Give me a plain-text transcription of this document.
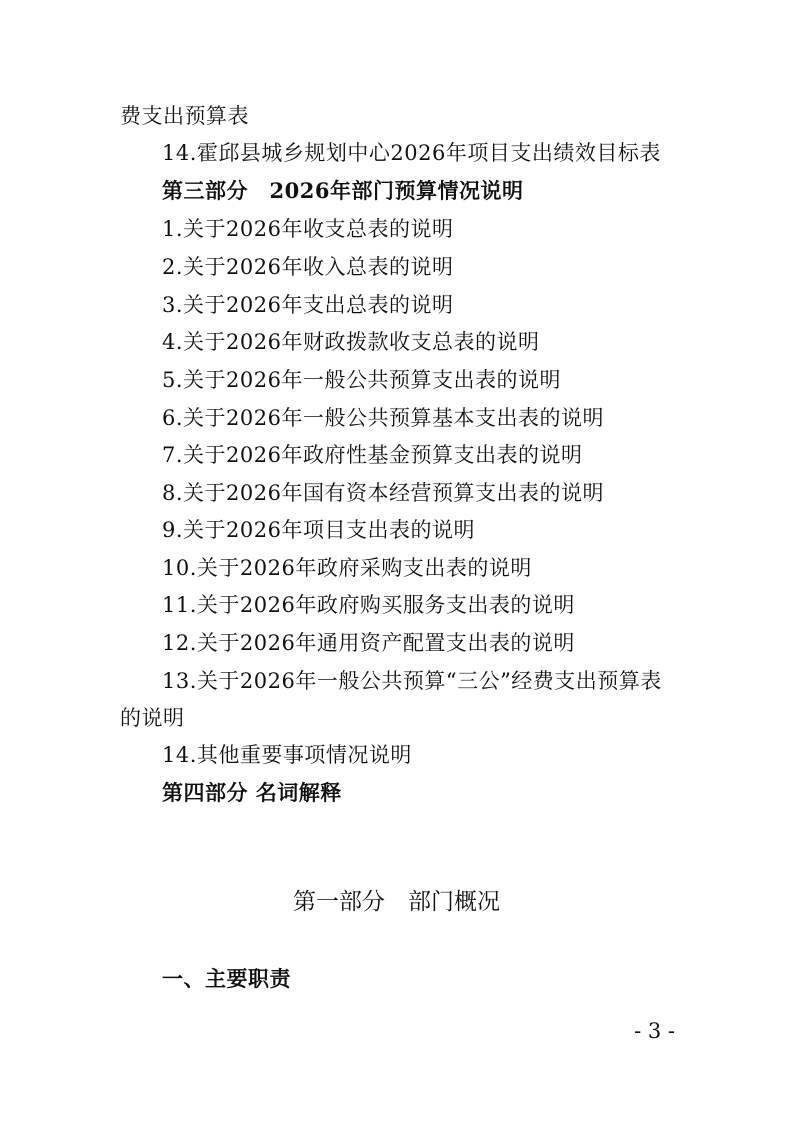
费支出预算表
14.霍邱县城乡规划中心2026年项目支出绩效目标表
第三部分　2026年部门预算情况说明
1.关于2026年收支总表的说明
2.关于2026年收入总表的说明
3.关于2026年支出总表的说明
4.关于2026年财政拨款收支总表的说明
5.关于2026年一般公共预算支出表的说明
6.关于2026年一般公共预算基本支出表的说明
7.关于2026年政府性基金预算支出表的说明
8.关于2026年国有资本经营预算支出表的说明
9.关于2026年项目支出表的说明
10.关于2026年政府采购支出表的说明
11.关于2026年政府购买服务支出表的说明
12.关于2026年通用资产配置支出表的说明
13.关于2026年一般公共预算“三公”经费支出预算表
的说明
14.其他重要事项情况说明
第四部分 名词解释
第一部分　部门概况
一、主要职责
- 3 -
